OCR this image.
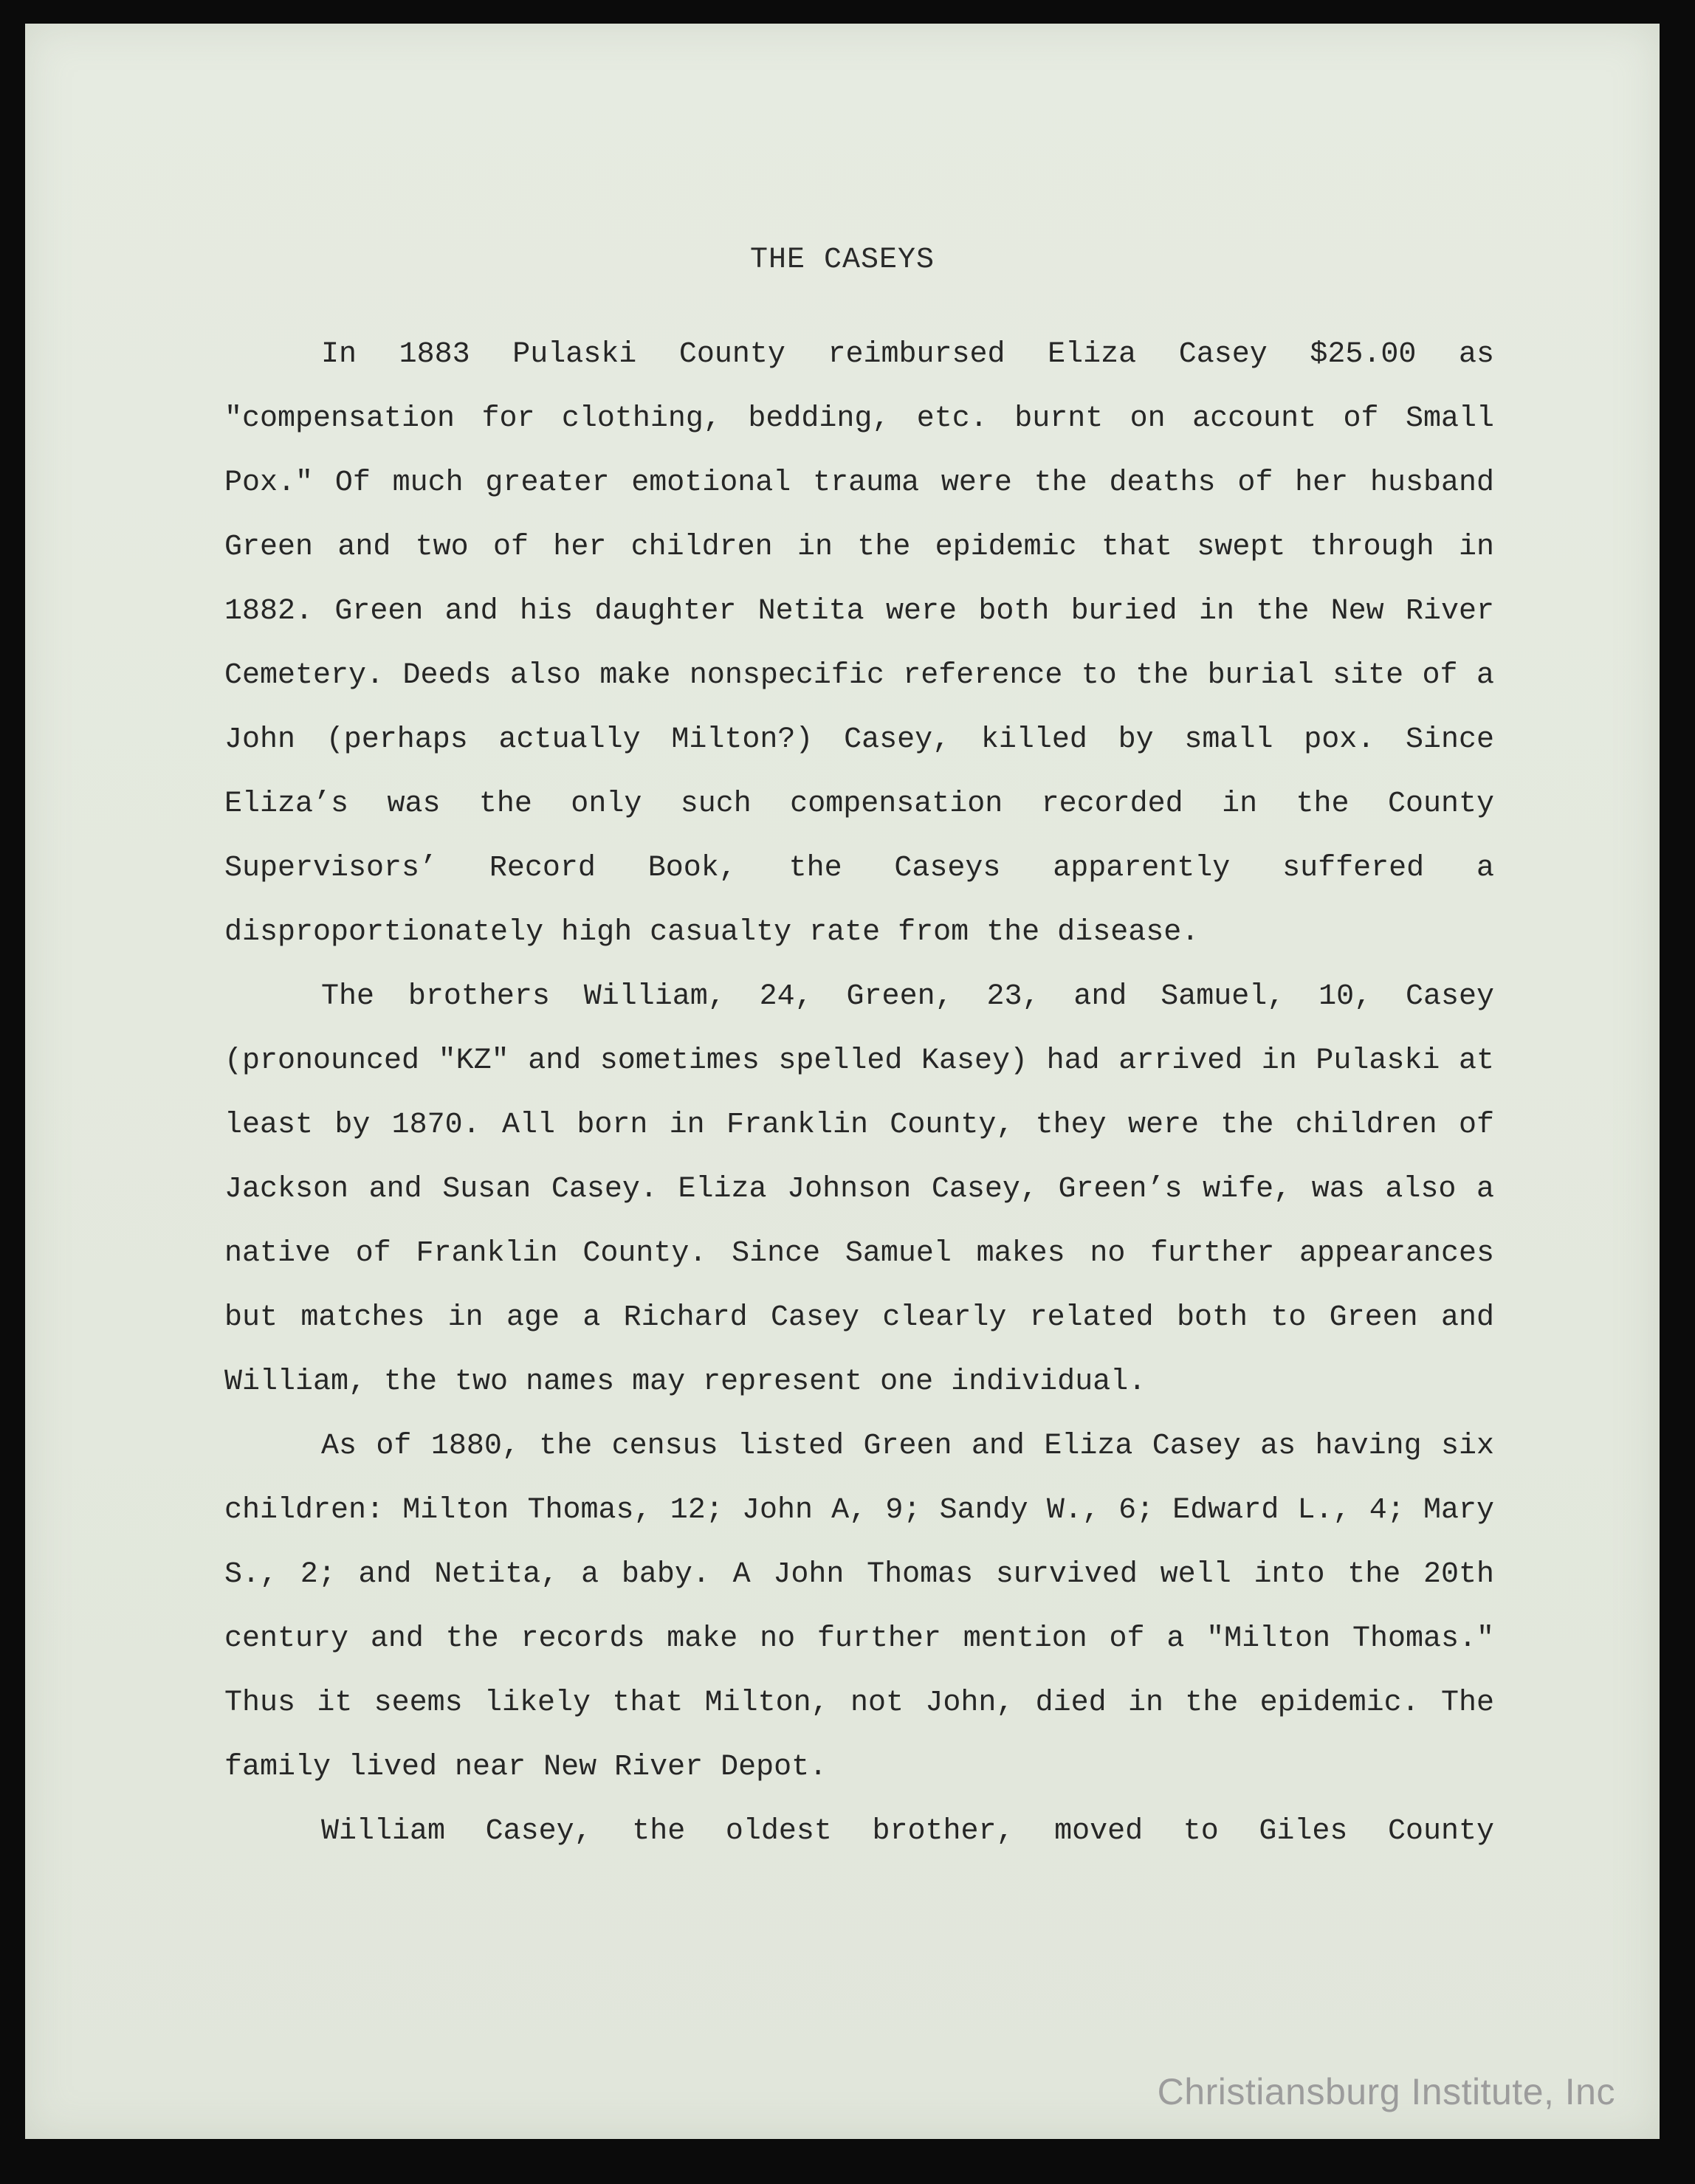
THE CASEYS

In 1883 Pulaski County reimbursed Eliza Casey $25.00 as "compensation for clothing, bedding, etc. burnt on account of Small Pox." Of much greater emotional trauma were the deaths of her husband Green and two of her children in the epidemic that swept through in 1882. Green and his daughter Netita were both buried in the New River Cemetery. Deeds also make nonspecific reference to the burial site of a John (perhaps actually Milton?) Casey, killed by small pox. Since Eliza’s was the only such compensation recorded in the County Supervisors’ Record Book, the Caseys apparently suffered a disproportionately high casualty rate from the disease.

The brothers William, 24, Green, 23, and Samuel, 10, Casey (pronounced "KZ" and sometimes spelled Kasey) had arrived in Pulaski at least by 1870. All born in Franklin County, they were the children of Jackson and Susan Casey. Eliza Johnson Casey, Green’s wife, was also a native of Franklin County. Since Samuel makes no further appearances but matches in age a Richard Casey clearly related both to Green and William, the two names may represent one individual.

As of 1880, the census listed Green and Eliza Casey as having six children: Milton Thomas, 12; John A, 9; Sandy W., 6; Edward L., 4; Mary S., 2; and Netita, a baby. A John Thomas survived well into the 20th century and the records make no further mention of a "Milton Thomas." Thus it seems likely that Milton, not John, died in the epidemic. The family lived near New River Depot.

William Casey, the oldest brother, moved to Giles County

Christiansburg Institute, Inc
